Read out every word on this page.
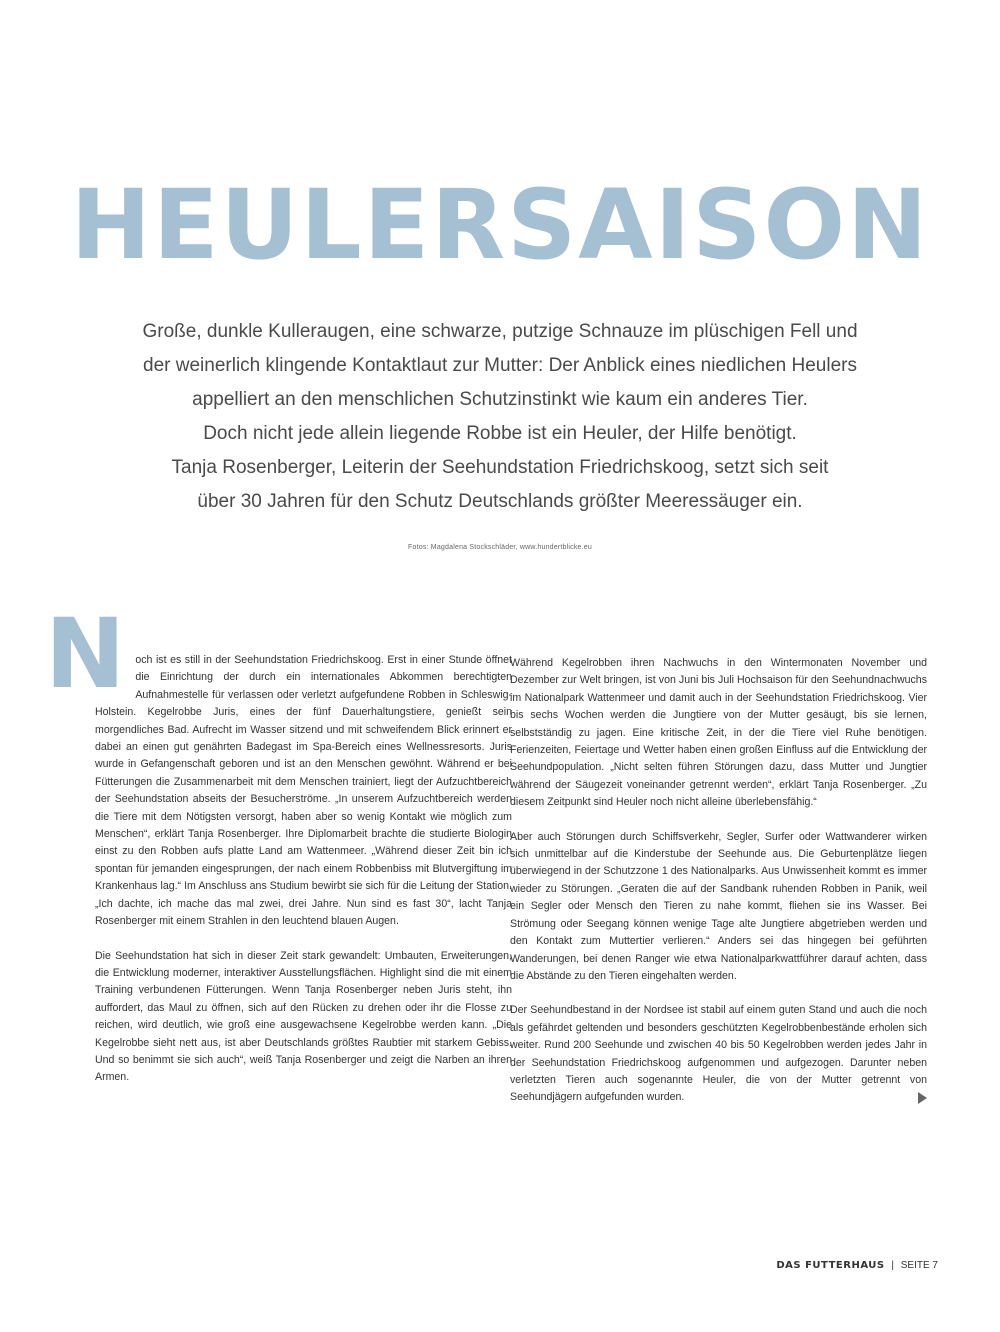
HEULERSAISON
Große, dunkle Kulleraugen, eine schwarze, putzige Schnauze im plüschigen Fell und
der weinerlich klingende Kontaktlaut zur Mutter: Der Anblick eines niedlichen Heulers
appelliert an den menschlichen Schutzinstinkt wie kaum ein anderes Tier.
Doch nicht jede allein liegende Robbe ist ein Heuler, der Hilfe benötigt.
Tanja Rosenberger, Leiterin der Seehundstation Friedrichskoog, setzt sich seit
über 30 Jahren für den Schutz Deutschlands größter Meeressäuger ein.

Fotos: Magdalena Stockschläder, www.hundertblicke.eu

N och ist es still in der Seehundstation Friedrichskoog. Erst in einer Stunde öffnet die Einrichtung der durch ein internationales Abkommen berechtigten Aufnahmestelle für verlassen oder verletzt aufgefundene Robben in Schleswig-Holstein. Kegelrobbe Juris, eines der fünf Dauerhaltungstiere, genießt sein morgendliches Bad. Aufrecht im Wasser sitzend und mit schweifendem Blick erinnert er dabei an einen gut genährten Badegast im Spa-Bereich eines Wellnessresorts. Juris wurde in Gefangenschaft geboren und ist an den Menschen gewöhnt. Während er bei Fütterungen die Zusammenarbeit mit dem Menschen trainiert, liegt der Aufzuchtbereich der Seehundstation abseits der Besucherströme. „In unserem Aufzuchtbereich werden die Tiere mit dem Nötigsten versorgt, haben aber so wenig Kontakt wie möglich zum Menschen“, erklärt Tanja Rosenberger. Ihre Diplomarbeit brachte die studierte Biologin einst zu den Robben aufs platte Land am Wattenmeer. „Während dieser Zeit bin ich spontan für jemanden eingesprungen, der nach einem Robbenbiss mit Blutvergiftung im Krankenhaus lag.“ Im Anschluss ans Studium bewirbt sie sich für die Leitung der Station. „Ich dachte, ich mache das mal zwei, drei Jahre. Nun sind es fast 30“, lacht Tanja Rosenberger mit einem Strahlen in den leuchtend blauen Augen.

Die Seehundstation hat sich in dieser Zeit stark gewandelt: Umbauten, Erweiterungen, die Entwicklung moderner, interaktiver Ausstellungsflächen. Highlight sind die mit einem Training verbundenen Fütterungen. Wenn Tanja Rosenberger neben Juris steht, ihn auffordert, das Maul zu öffnen, sich auf den Rücken zu drehen oder ihr die Flosse zu reichen, wird deutlich, wie groß eine ausgewachsene Kegelrobbe werden kann. „Die Kegelrobbe sieht nett aus, ist aber Deutschlands größtes Raubtier mit starkem Gebiss. Und so benimmt sie sich auch“, weiß Tanja Rosenberger und zeigt die Narben an ihren Armen.

Während Kegelrobben ihren Nachwuchs in den Wintermonaten November und Dezember zur Welt bringen, ist von Juni bis Juli Hochsaison für den Seehundnachwuchs im Nationalpark Wattenmeer und damit auch in der Seehundstation Friedrichskoog. Vier bis sechs Wochen werden die Jungtiere von der Mutter gesäugt, bis sie lernen, selbstständig zu jagen. Eine kritische Zeit, in der die Tiere viel Ruhe benötigen. Ferienzeiten, Feiertage und Wetter haben einen großen Einfluss auf die Entwicklung der Seehundpopulation. „Nicht selten führen Störungen dazu, dass Mutter und Jungtier während der Säugezeit voneinander getrennt werden“, erklärt Tanja Rosenberger. „Zu diesem Zeitpunkt sind Heuler noch nicht alleine überlebensfähig.“

Aber auch Störungen durch Schiffsverkehr, Segler, Surfer oder Wattwanderer wirken sich unmittelbar auf die Kinderstube der Seehunde aus. Die Geburtenplätze liegen überwiegend in der Schutzzone 1 des Nationalparks. Aus Unwissenheit kommt es immer wieder zu Störungen. „Geraten die auf der Sandbank ruhenden Robben in Panik, weil ein Segler oder Mensch den Tieren zu nahe kommt, fliehen sie ins Wasser. Bei Strömung oder Seegang können wenige Tage alte Jungtiere abgetrieben werden und den Kontakt zum Muttertier verlieren.“ Anders sei das hingegen bei geführten Wanderungen, bei denen Ranger wie etwa Nationalparkwattführer darauf achten, dass die Abstände zu den Tieren eingehalten werden.

Der Seehundbestand in der Nordsee ist stabil auf einem guten Stand und auch die noch als gefährdet geltenden und besonders geschützten Kegelrobbenbestände erholen sich weiter. Rund 200 Seehunde und zwischen 40 bis 50 Kegelrobben werden jedes Jahr in der Seehundstation Friedrichskoog aufgenommen und aufgezogen. Darunter neben verletzten Tieren auch sogenannte Heuler, die von der Mutter getrennt von Seehundjägern aufgefunden wurden.

DAS FUTTERHAUS | SEITE 7
